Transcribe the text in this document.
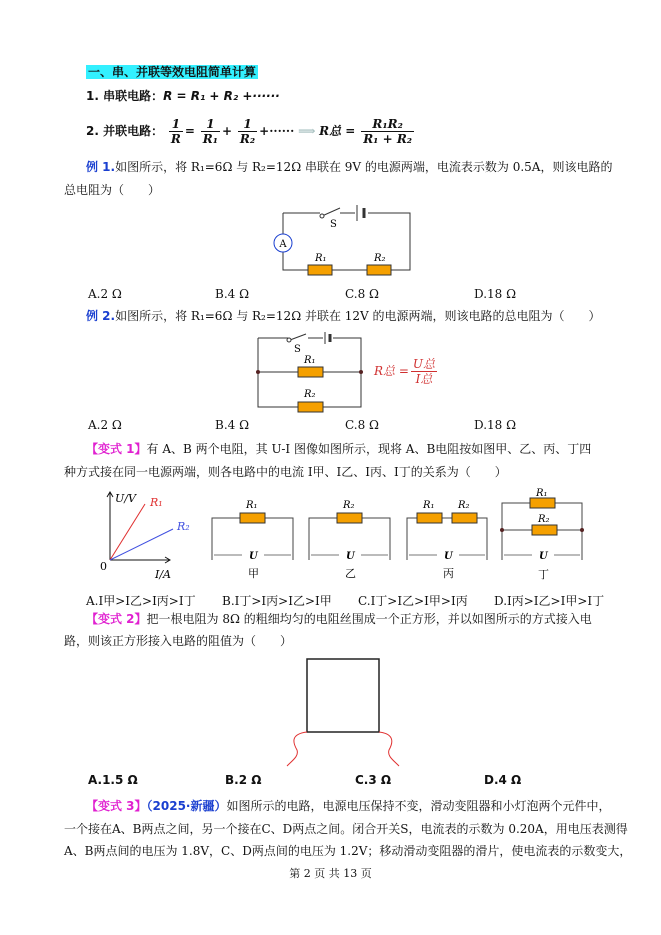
一、串、并联等效电阻简单计算
1. 串联电路：R = R₁ + R₂ +······
2. 并联电路： $\frac{1}{R} = \frac{1}{\text{R₁}} + \frac{1}{\text{R₂}}$ +······ ⟹ R总 = $\frac{\text{R₁R₂}}{\text{R₁ + R₂}}$
例 1.如图所示，将 R₁=6Ω 与 R₂=12Ω 串联在 9V 的电源两端，电流表示数为 0.5A，则该电路的
总电阻为（　　）
A
S
R₁	R₂
A.2 Ω	B.4 Ω	C.8 Ω	D.18 Ω
例 2.如图所示，将 R₁=6Ω 与 R₂=12Ω 并联在 12V 的电源两端，则该电路的总电阻为（　　）
S
R₁
R₂
R总 = $\frac{\text{U总}}{\text{I总}}$
A.2 Ω	B.4 Ω	C.8 Ω	D.18 Ω
【变式 1】有 A、B 两个电阻，其 U-I 图像如图所示，现将 A、B电阻按如图甲、乙、丙、丁四
种方式接在同一电源两端，则各电路中的电流 I甲、I乙、I丙、I丁的关系为（　　）
U/V R₁
R₂
0
I/A
R₁
U
甲
R₂
U
乙
R₁ R₂
U
丙
R₁
R₂
U
丁
A.I甲>I乙>I丙>I丁 B.I丁>I丙>I乙>I甲 C.I丁>I乙>I甲>I丙 D.I丙>I乙>I甲>I丁
【变式 2】把一根电阻为 8Ω 的粗细均匀的电阻丝围成一个正方形，并以如图所示的方式接入电
路，则该正方形接入电路的阻值为（　　）
A.1.5 Ω	B.2 Ω	C.3 Ω	D.4 Ω
【变式 3】（2025·新疆）如图所示的电路，电源电压保持不变，滑动变阻器和小灯泡两个元件中，
一个接在A、B两点之间，另一个接在C、D两点之间。闭合开关S，电流表的示数为 0.20A，用电压表测得
A、B两点间的电压为 1.8V，C、D两点间的电压为 1.2V；移动滑动变阻器的滑片，使电流表的示数变大，
第 2 页 共 13 页
